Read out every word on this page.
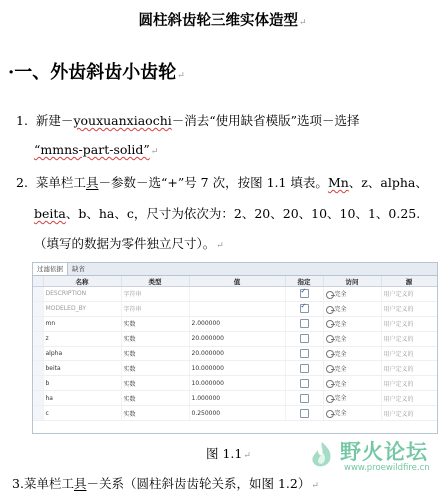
圆柱斜齿轮三维实体造型↵
·一、外齿斜齿小齿轮↵
1. 新建－youxuanxiaochi－消去“使用缺省模版”选项－选择
“mmns-part-solid”↵
2. 菜单栏工具－参数－选“+”号 7 次，按图 1.1 填表。Mn、z、alpha、
beita、b、ha、c，尺寸为依次为：2、20、20、10、10、1、0.25.
（填写的数据为零件独立尺寸）。↵
过滤依据	缺省
	名称	类型	值	指定	访问	源
	DESCRIPTION	字符串		✓	完全	用户定义的
	MODELED_BY	字符串		✓	完全	用户定义的
	mn	实数	2.000000		完全	用户定义的
	z	实数	20.000000		完全	用户定义的
	alpha	实数	20.000000		完全	用户定义的
	beita	实数	10.000000		完全	用户定义的
	b	实数	10.000000		完全	用户定义的
	ha	实数	1.000000		完全	用户定义的
	c	实数	0.250000		完全	用户定义的
图 1.1↵
3.菜单栏工具－关系（圆柱斜齿齿轮关系，如图 1.2）↵
野火论坛
www.proewildfire.cn
